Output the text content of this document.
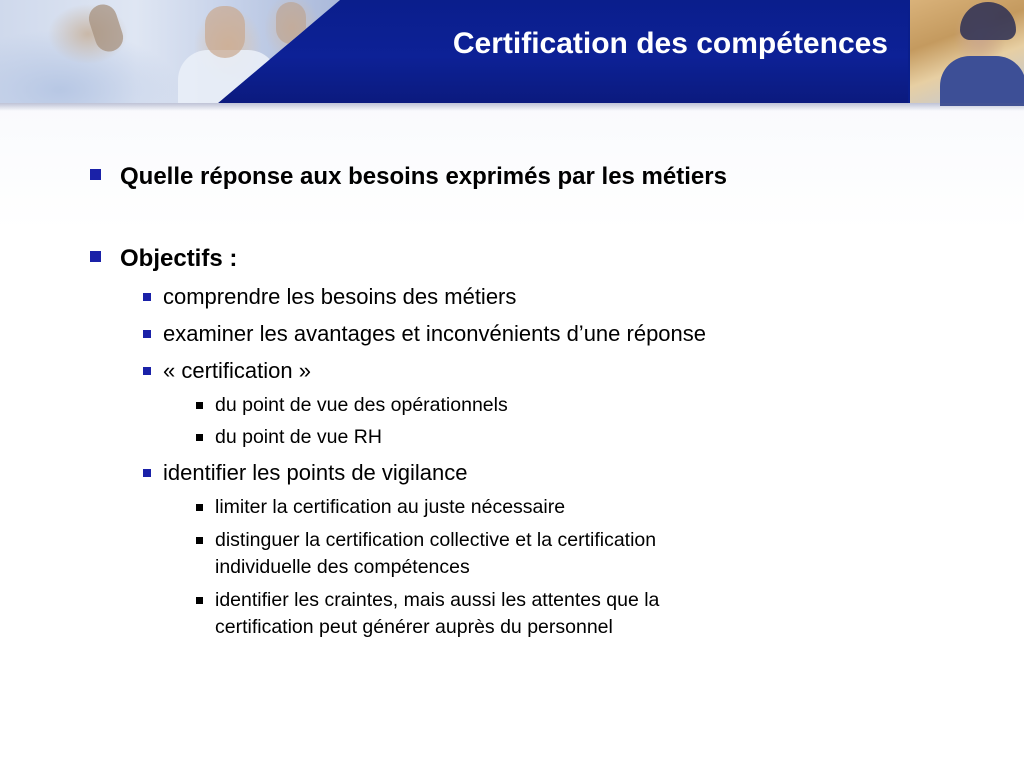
Certification des compétences
Quelle réponse aux besoins exprimés par les métiers
Objectifs :
comprendre les besoins des métiers
examiner les avantages et inconvénients d’une réponse
« certification »
du point de vue des opérationnels
du point de vue RH
identifier les points de vigilance
limiter la certification au juste nécessaire
distinguer la certification collective et la certification
individuelle des compétences
identifier les craintes, mais aussi les attentes que la
certification peut générer auprès du personnel
